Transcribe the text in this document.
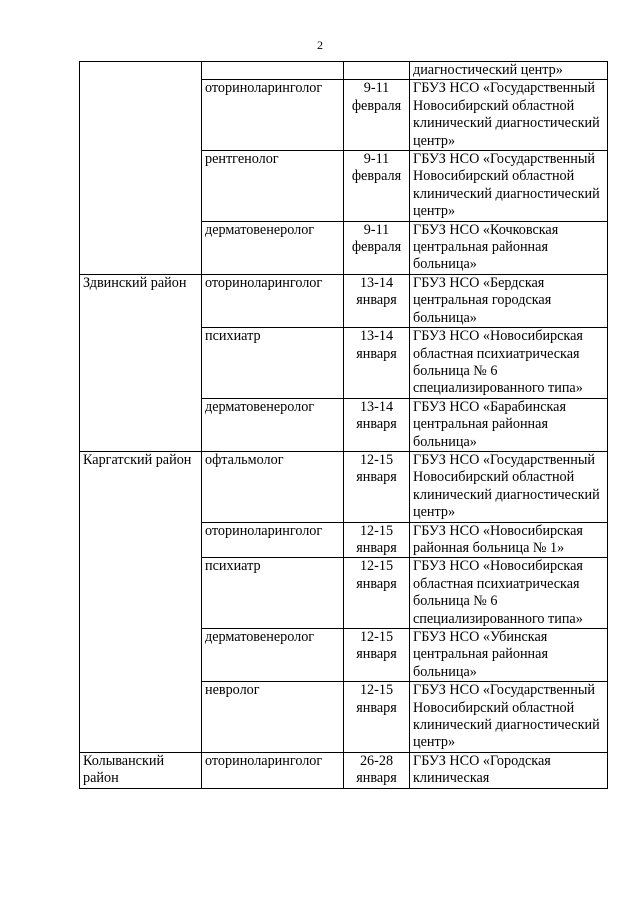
2
			диагностический центр»
	оториноларинголог	9-11 февраля	ГБУЗ НСО «Государственный Новосибирский областной клинический диагностический центр»
	рентгенолог	9-11 февраля	ГБУЗ НСО «Государственный Новосибирский областной клинический диагностический центр»
	дерматовенеролог	9-11 февраля	ГБУЗ НСО «Кочковская центральная районная больница»
Здвинский район	оториноларинголог	13-14 января	ГБУЗ НСО «Бердская центральная городская больница»
	психиатр	13-14 января	ГБУЗ НСО «Новосибирская областная психиатрическая больница № 6 специализированного типа»
	дерматовенеролог	13-14 января	ГБУЗ НСО «Барабинская центральная районная больница»
Каргатский район	офтальмолог	12-15 января	ГБУЗ НСО «Государственный Новосибирский областной клинический диагностический центр»
	оториноларинголог	12-15 января	ГБУЗ НСО «Новосибирская районная больница № 1»
	психиатр	12-15 января	ГБУЗ НСО «Новосибирская областная психиатрическая больница № 6 специализированного типа»
	дерматовенеролог	12-15 января	ГБУЗ НСО «Убинская центральная районная больница»
	невролог	12-15 января	ГБУЗ НСО «Государственный Новосибирский областной клинический диагностический центр»
Колыванский район	оториноларинголог	26-28 января	ГБУЗ НСО «Городская клиническая
